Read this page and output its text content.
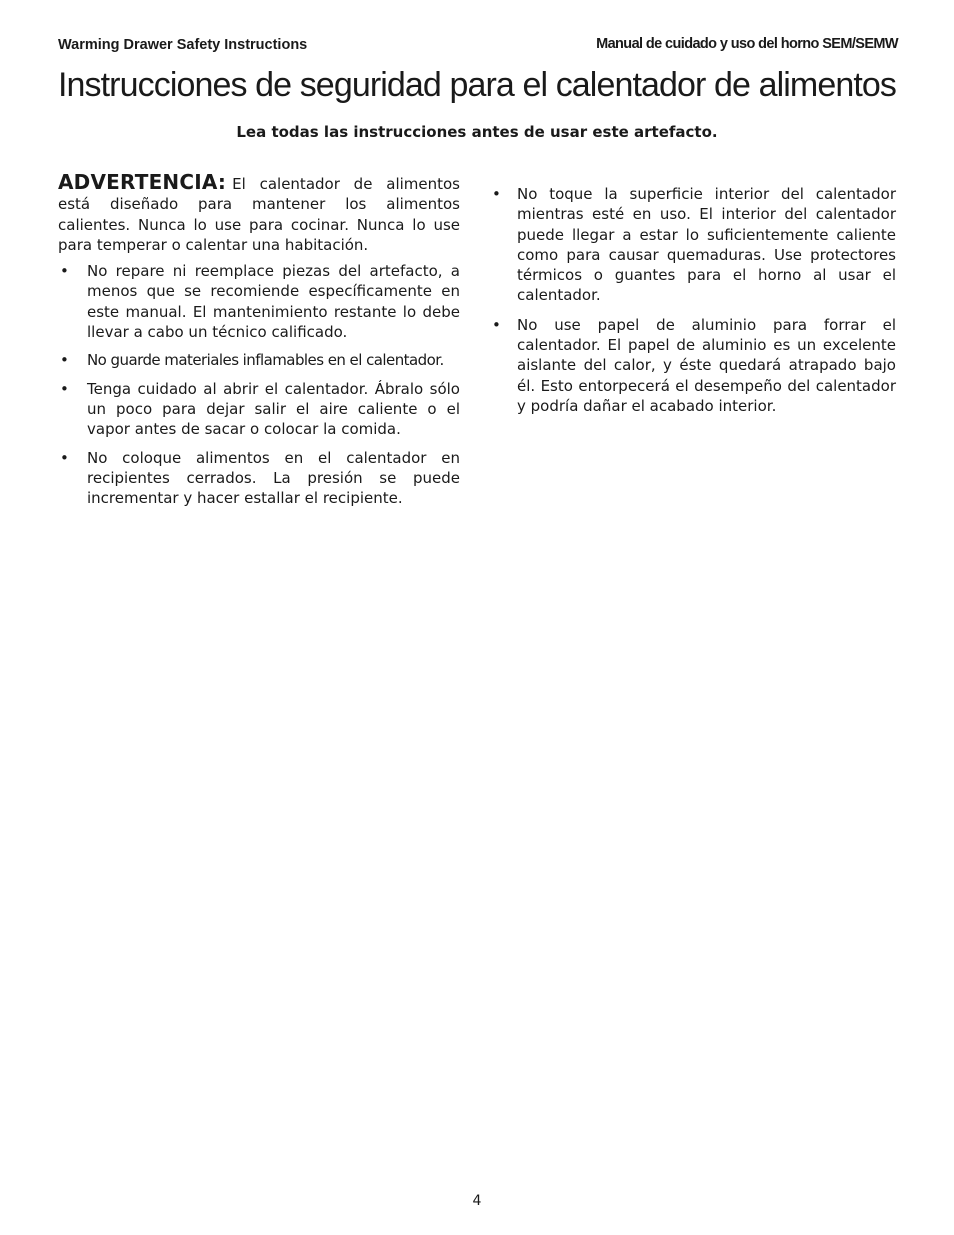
Warming Drawer Safety Instructions	Manual de cuidado y uso del horno SEM/SEMW
Instrucciones de seguridad para el calentador de alimentos
Lea todas las instrucciones antes de usar este artefacto.

ADVERTENCIA: El calentador de alimentos está diseñado para mantener los alimentos calientes. Nunca lo use para cocinar. Nunca lo use para temperar o calentar una habitación.

• No repare ni reemplace piezas del artefacto, a menos que se recomiende específicamente en este manual. El mantenimiento restante lo debe llevar a cabo un técnico calificado.
• No guarde materiales inflamables en el calentador.
• Tenga cuidado al abrir el calentador. Ábralo sólo un poco para dejar salir el aire caliente o el vapor antes de sacar o colocar la comida.
• No coloque alimentos en el calentador en recipientes cerrados. La presión se puede incrementar y hacer estallar el recipiente.
• No toque la superficie interior del calentador mientras esté en uso. El interior del calentador puede llegar a estar lo suficientemente caliente como para causar quemaduras. Use protectores térmicos o guantes para el horno al usar el calentador.
• No use papel de aluminio para forrar el calentador. El papel de aluminio es un excelente aislante del calor, y éste quedará atrapado bajo él. Esto entorpecerá el desempeño del calentador y podría dañar el acabado interior.
4
